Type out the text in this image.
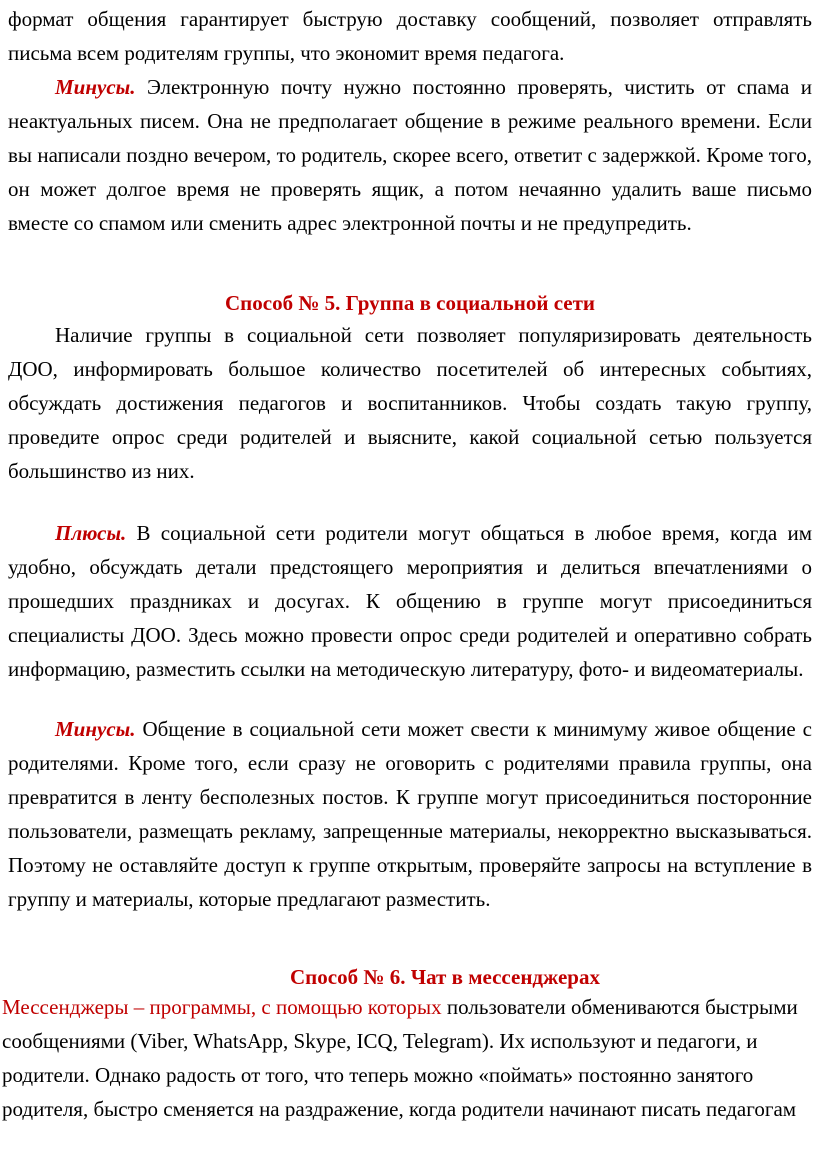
формат общения гарантирует быструю доставку сообщений, позволяет отправлять письма всем родителям группы, что экономит время педагога.

Минусы. Электронную почту нужно постоянно проверять, чистить от спама и неактуальных писем. Она не предполагает общение в режиме реального времени. Если вы написали поздно вечером, то родитель, скорее всего, ответит с задержкой. Кроме того, он может долгое время не проверять ящик, а потом нечаянно удалить ваше письмо вместе со спамом или сменить адрес электронной почты и не предупредить.

Способ № 5. Группа в социальной сети

Наличие группы в социальной сети позволяет популяризировать деятельность ДОО, информировать большое количество посетителей об интересных событиях, обсуждать достижения педагогов и воспитанников. Чтобы создать такую группу, проведите опрос среди родителей и выясните, какой социальной сетью пользуется большинство из них.

Плюсы. В социальной сети родители могут общаться в любое время, когда им удобно, обсуждать детали предстоящего мероприятия и делиться впечатлениями о прошедших праздниках и досугах. К общению в группе могут присоединиться специалисты ДОО. Здесь можно провести опрос среди родителей и оперативно собрать информацию, разместить ссылки на методическую литературу, фото- и видеоматериалы.

Минусы. Общение в социальной сети может свести к минимуму живое общение с родителями. Кроме того, если сразу не оговорить с родителями правила группы, она превратится в ленту бесполезных постов. К группе могут присоединиться посторонние пользователи, размещать рекламу, запрещенные материалы, некорректно высказываться. Поэтому не оставляйте доступ к группе открытым, проверяйте запросы на вступление в группу и материалы, которые предлагают разместить.

Способ № 6. Чат в мессенджерах

Мессенджеры – программы, с помощью которых пользователи обмениваются быстрыми сообщениями (Viber, WhatsApp, Skype, ICQ, Telegram). Их используют и педагоги, и родители. Однако радость от того, что теперь можно «поймать» постоянно занятого родителя, быстро сменяется на раздражение, когда родители начинают писать педагогам
